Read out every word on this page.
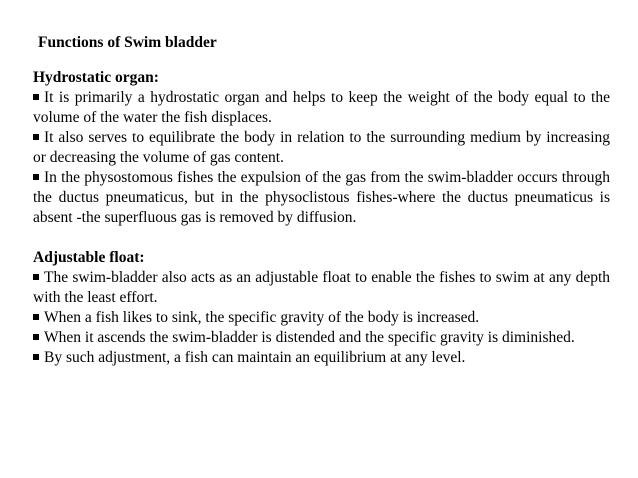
Functions of Swim bladder

Hydrostatic organ:

It is primarily a hydrostatic organ and helps to keep the weight of the body equal to the volume of the water the fish displaces.

It also serves to equilibrate the body in relation to the surrounding medium by increasing or decreasing the volume of gas content.

In the physostomous fishes the expulsion of the gas from the swim-bladder occurs through the ductus pneumaticus, but in the physoclistous fishes-where the ductus pneumaticus is absent -the superfluous gas is removed by diffusion.

Adjustable float:

The swim-bladder also acts as an adjustable float to enable the fishes to swim at any depth with the least effort.

When a fish likes to sink, the specific gravity of the body is increased.

When it ascends the swim-bladder is distended and the specific gravity is diminished.

By such adjustment, a fish can maintain an equilibrium at any level.
